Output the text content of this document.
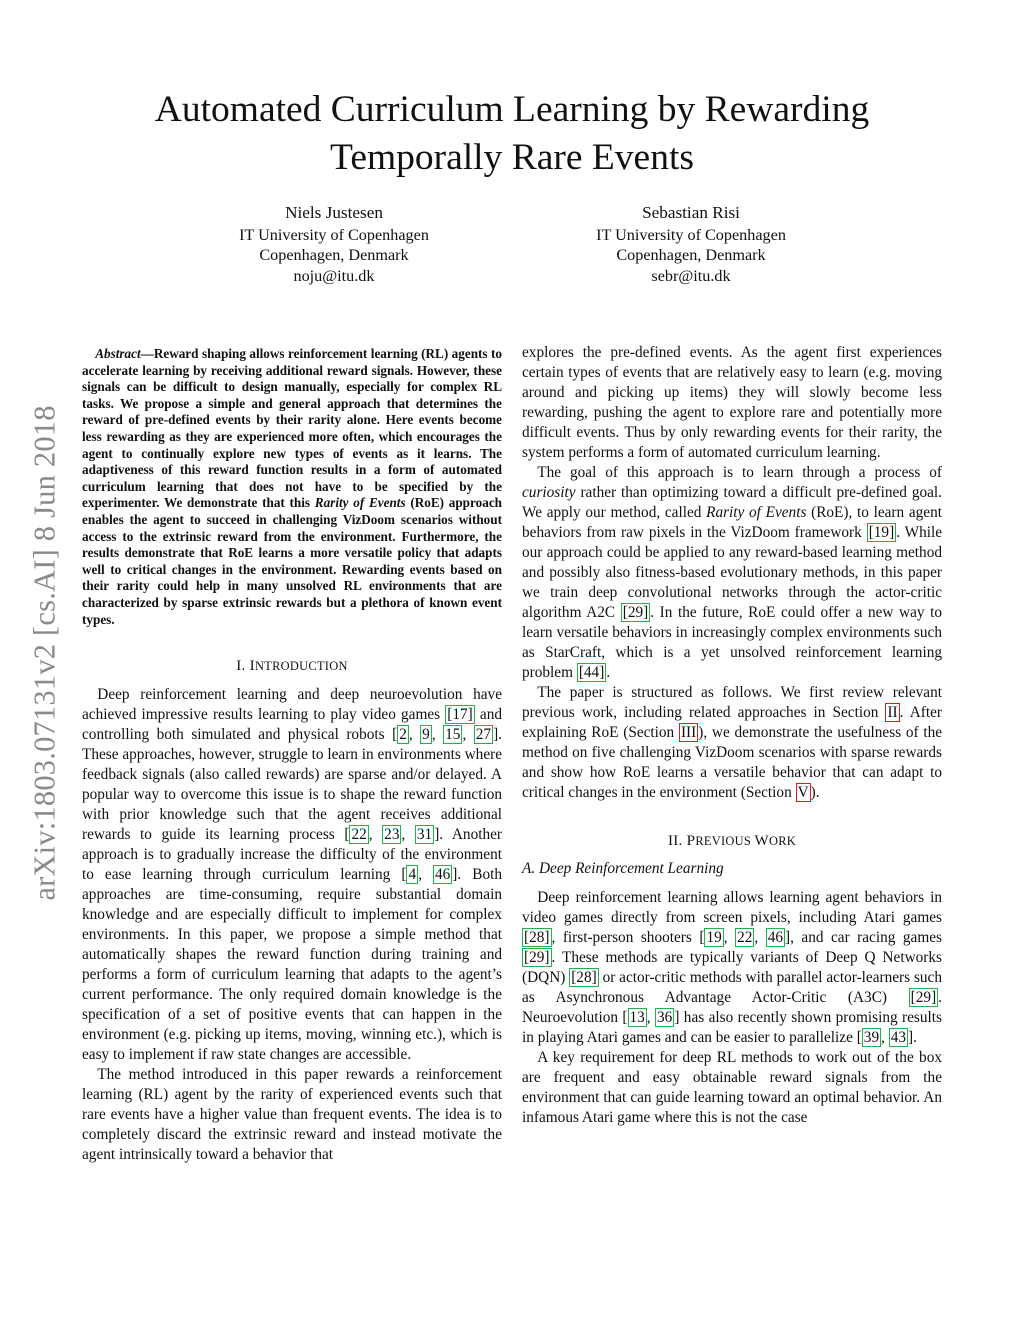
arXiv:1803.07131v2 [cs.AI] 8 Jun 2018
Automated Curriculum Learning by Rewarding Temporally Rare Events
Niels Justesen
IT University of Copenhagen
Copenhagen, Denmark
noju@itu.dk
Sebastian Risi
IT University of Copenhagen
Copenhagen, Denmark
sebr@itu.dk

Abstract—Reward shaping allows reinforcement learning (RL) agents to accelerate learning by receiving additional reward signals. However, these signals can be difficult to design manually, especially for complex RL tasks. We propose a simple and general approach that determines the reward of pre-defined events by their rarity alone. Here events become less rewarding as they are experienced more often, which encourages the agent to continually explore new types of events as it learns. The adaptiveness of this reward function results in a form of automated curriculum learning that does not have to be specified by the experimenter. We demonstrate that this Rarity of Events (RoE) approach enables the agent to succeed in challenging VizDoom scenarios without access to the extrinsic reward from the environment. Furthermore, the results demonstrate that RoE learns a more versatile policy that adapts well to critical changes in the environment. Rewarding events based on their rarity could help in many unsolved RL environments that are characterized by sparse extrinsic rewards but a plethora of known event types.

I. INTRODUCTION

Deep reinforcement learning and deep neuroevolution have achieved impressive results learning to play video games [17] and controlling both simulated and physical robots [ 2 , 9 , 15 , 27 ]. These approaches, however, struggle to learn in environments where feedback signals (also called rewards) are sparse and/or delayed. A popular way to overcome this issue is to shape the reward function with prior knowledge such that the agent receives additional rewards to guide its learning process [ 22 , 23 , 31 ]. Another approach is to gradually increase the difficulty of the environment to ease learning through curriculum learning [ 4 , 46 ]. Both approaches are time-consuming, require substantial domain knowledge and are especially difficult to implement for complex environments. In this paper, we propose a simple method that automatically shapes the reward function during training and performs a form of curriculum learning that adapts to the agent’s current performance. The only required domain knowledge is the specification of a set of positive events that can happen in the environment (e.g. picking up items, moving, winning etc.), which is easy to implement if raw state changes are accessible.

The method introduced in this paper rewards a reinforcement learning (RL) agent by the rarity of experienced events such that rare events have a higher value than frequent events. The idea is to completely discard the extrinsic reward and instead motivate the agent intrinsically toward a behavior that

explores the pre-defined events. As the agent first experiences certain types of events that are relatively easy to learn (e.g. moving around and picking up items) they will slowly become less rewarding, pushing the agent to explore rare and potentially more difficult events. Thus by only rewarding events for their rarity, the system performs a form of automated curriculum learning.

The goal of this approach is to learn through a process of curiosity rather than optimizing toward a difficult pre-defined goal. We apply our method, called Rarity of Events (RoE), to learn agent behaviors from raw pixels in the VizDoom framework [19] . While our approach could be applied to any reward-based learning method and possibly also fitness-based evolutionary methods, in this paper we train deep convolutional networks through the actor-critic algorithm A2C [29] . In the future, RoE could offer a new way to learn versatile behaviors in increasingly complex environments such as StarCraft, which is a yet unsolved reinforcement learning problem [44] .

The paper is structured as follows. We first review relevant previous work, including related approaches in Section II . After explaining RoE (Section III ), we demonstrate the usefulness of the method on five challenging VizDoom scenarios with sparse rewards and show how RoE learns a versatile behavior that can adapt to critical changes in the environment (Section V ).

II. PREVIOUS WORK
A. Deep Reinforcement Learning

Deep reinforcement learning allows learning agent behaviors in video games directly from screen pixels, including Atari games [28] , first-person shooters [ 19 , 22 , 46 ], and car racing games [29] . These methods are typically variants of Deep Q Networks (DQN) [28] or actor-critic methods with parallel actor-learners such as Asynchronous Advantage Actor-Critic (A3C) [29] . Neuroevolution [ 13 , 36 ] has also recently shown promising results in playing Atari games and can be easier to parallelize [ 39 , 43 ].

A key requirement for deep RL methods to work out of the box are frequent and easy obtainable reward signals from the environment that can guide learning toward an optimal behavior. An infamous Atari game where this is not the case
